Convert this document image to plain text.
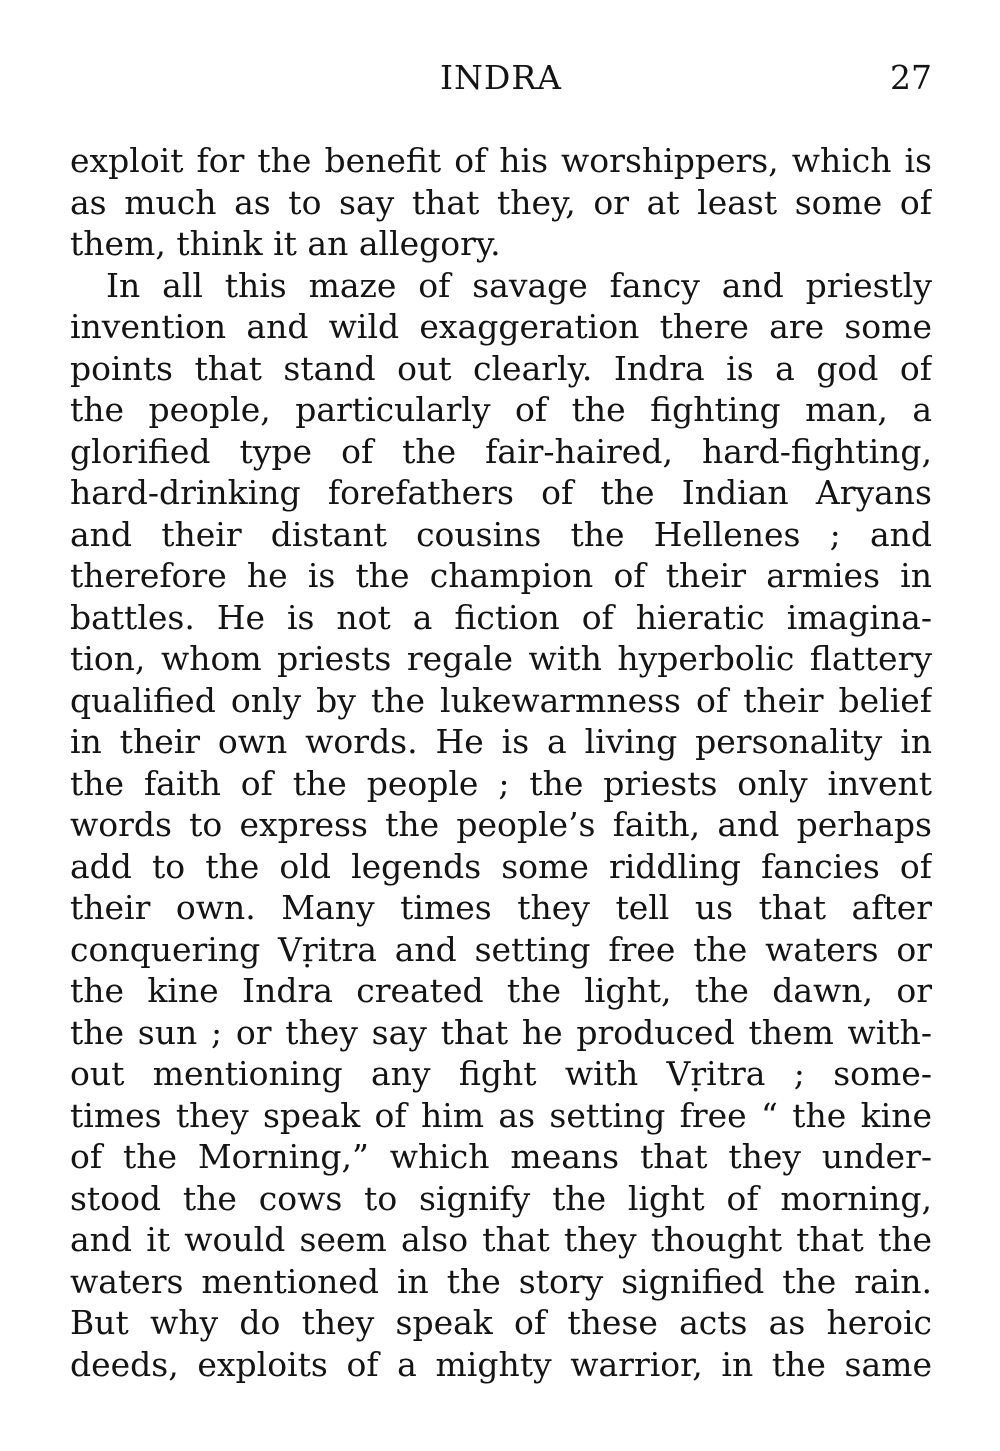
INDRA	27
exploit for the benefit of his worshippers, which is
as much as to say that they, or at least some of
them, think it an allegory.
In all this maze of savage fancy and priestly
invention and wild exaggeration there are some
points that stand out clearly. Indra is a god of
the people, particularly of the fighting man, a
glorified type of the fair-haired, hard-fighting,
hard-drinking forefathers of the Indian Aryans
and their distant cousins the Hellenes ; and
therefore he is the champion of their armies in
battles. He is not a fiction of hieratic imagina-
tion, whom priests regale with hyperbolic flattery
qualified only by the lukewarmness of their belief
in their own words. He is a living personality in
the faith of the people ; the priests only invent
words to express the people’s faith, and perhaps
add to the old legends some riddling fancies of
their own. Many times they tell us that after
conquering Vṛitra and setting free the waters or
the kine Indra created the light, the dawn, or
the sun ; or they say that he produced them with-
out mentioning any fight with Vṛitra ; some-
times they speak of him as setting free “ the kine
of the Morning,” which means that they under-
stood the cows to signify the light of morning,
and it would seem also that they thought that the
waters mentioned in the story signified the rain.
But why do they speak of these acts as heroic
deeds, exploits of a mighty warrior, in the same
